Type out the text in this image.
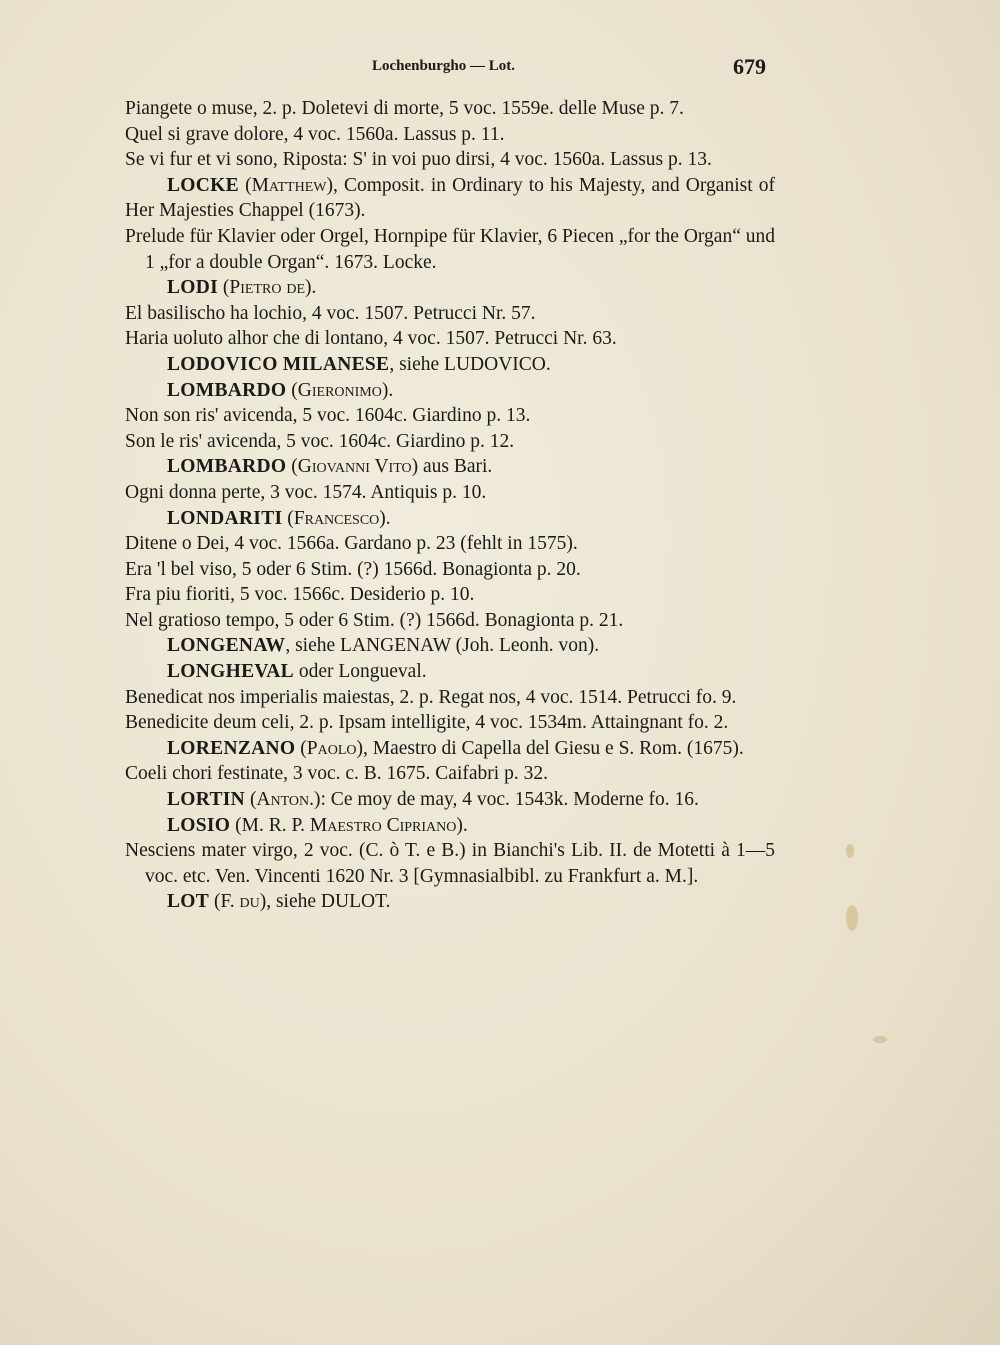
Lochenburgho — Lot.	679

Piangete o muse, 2. p. Doletevi di morte, 5 voc. 1559e. delle Muse p. 7.

Quel si grave dolore, 4 voc. 1560a. Lassus p. 11.

Se vi fur et vi sono, Riposta: S' in voi puo dirsi, 4 voc. 1560a. Lassus p. 13.

LOCKE (Matthew), Composit. in Ordinary to his Majesty, and Organist of Her Majesties Chappel (1673).

Prelude für Klavier oder Orgel, Hornpipe für Klavier, 6 Piecen „for the Organ“ und 1 „for a double Organ“. 1673. Locke.

LODI (Pietro de).

El basilischo ha lochio, 4 voc. 1507. Petrucci Nr. 57.

Haria uoluto alhor che di lontano, 4 voc. 1507. Petrucci Nr. 63.

LODOVICO MILANESE, siehe LUDOVICO.

LOMBARDO (Gieronimo).

Non son ris' avicenda, 5 voc. 1604c. Giardino p. 13.

Son le ris' avicenda, 5 voc. 1604c. Giardino p. 12.

LOMBARDO (Giovanni Vito) aus Bari.

Ogni donna perte, 3 voc. 1574. Antiquis p. 10.

LONDARITI (Francesco).

Ditene o Dei, 4 voc. 1566a. Gardano p. 23 (fehlt in 1575).

Era 'l bel viso, 5 oder 6 Stim. (?) 1566d. Bonagionta p. 20.

Fra piu fioriti, 5 voc. 1566c. Desiderio p. 10.

Nel gratioso tempo, 5 oder 6 Stim. (?) 1566d. Bonagionta p. 21.

LONGENAW, siehe LANGENAW (Joh. Leonh. von).

LONGHEVAL oder Longueval.

Benedicat nos imperialis maiestas, 2. p. Regat nos, 4 voc. 1514. Petrucci fo. 9.

Benedicite deum celi, 2. p. Ipsam intelligite, 4 voc. 1534m. Attaingnant fo. 2.

LORENZANO (Paolo), Maestro di Capella del Giesu e S. Rom. (1675).

Coeli chori festinate, 3 voc. c. B. 1675. Caifabri p. 32.

LORTIN (Anton.): Ce moy de may, 4 voc. 1543k. Moderne fo. 16.

LOSIO (M. R. P. Maestro Cipriano).

Nesciens mater virgo, 2 voc. (C. ò T. e B.) in Bianchi's Lib. II. de Motetti à 1—5 voc. etc. Ven. Vincenti 1620 Nr. 3 [Gymnasialbibl. zu Frankfurt a. M.].

LOT (F. du), siehe DULOT.
